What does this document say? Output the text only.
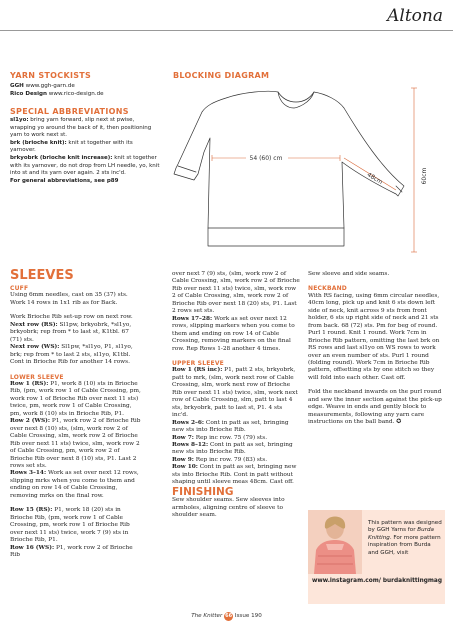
Altona
YARN STOCKISTS
GGH www.ggh-garn.de
Rico Design www.rico-design.de
SPECIAL ABBREVIATIONS

sl1yo: bring yarn forward, slip next st pwise, wrapping yo around the back of it, then positioning yarn to work next st.

brk (brioche knit): knit st together with its yarnover.

brkyobrk (brioche knit increase): knit st together with its yarnover, do not drop from LH needle, yo, knit into st and its yarn over again. 2 sts inc'd.

For general abbreviations, see p89

BLOCKING DIAGRAM
54 (60) cm
48cm	60cm
SLEEVES
CUFF

Using 6mm needles, cast on 35 (37) sts. Work 14 rows in 1x1 rib as for Back.

Work Brioche Rib set-up row on next row.

Next row (RS): Sl1pw, brkyobrk, *sl1yo, brkyobrk; rep from * to last st, K1tbl. 67 (71) sts.

Next row (WS): Sl1pw, *sl1yo, P1, sl1yo, brk; rep from * to last 2 sts, sl1yo, K1tbl. Cont in Brioche Rib for another 14 rows.

LOWER SLEEVE

Row 1 (RS): P1, work 8 (10) sts in Brioche Rib, (pm, work row 1 of Cable Crossing, pm, work row 1 of Brioche Rib over next 11 sts) twice, pm, work row 1 of Cable Crossing, pm, work 8 (10) sts in Brioche Rib, P1.

Row 2 (WS): P1, work row 2 of Brioche Rib over next 8 (10) sts, (slm, work row 2 of Cable Crossing, slm, work row 2 of Brioche Rib over next 11 sts) twice, slm, work row 2 of Cable Crossing, pm, work row 2 of Brioche Rib over next 8 (10) sts, P1. Last 2 rows set sts.

Rows 3–14: Work as set over next 12 rows, slipping mrks when you come to them and ending on row 14 of Cable Crossing, removing mrks on the final row.

Row 15 (RS): P1, work 18 (20) sts in Brioche Rib, (pm, work row 1 of Cable Crossing, pm, work row 1 of Brioche Rib over next 11 sts) twice, work 7 (9) sts in Brioche Rib, P1.

Row 16 (WS): P1, work row 2 of Brioche Rib

over next 7 (9) sts, (slm, work row 2 of Cable Crossing, slm, work row 2 of Brioche Rib over next 11 sts) twice, slm, work row 2 of Cable Crossing, slm, work row 2 of Brioche Rib over next 18 (20) sts, P1. Last 2 rows set sts.

Rows 17–28: Work as set over next 12 rows, slipping markers when you come to them and ending on row 14 of Cable Crossing, removing markers on the final row. Rep Rows 1-28 another 4 times.

UPPER SLEEVE

Row 1 (RS inc): P1, patt 2 sts, brkyobrk, patt to mrk, (slm, work next row of Cable Crossing, slm, work next row of Brioche Rib over next 11 sts) twice, slm, work next row of Cable Crossing, slm, patt to last 4 sts, brkyobrk, patt to last st, P1. 4 sts inc'd.

Rows 2–6: Cont in patt as set, bringing new sts into Brioche Rib.

Row 7: Rep inc row. 75 (79) sts.

Rows 8–12: Cont in patt as set, bringing new sts into Brioche Rib.

Row 9: Rep inc row. 79 (83) sts.

Row 10: Cont in patt as set, bringing new sts into Brioche Rib. Cont in patt without shaping until sleeve meas 48cm. Cast off.

FINISHING

Sew shoulder seams. Sew sleeves into armholes, aligning centre of sleeve to shoulder seam.

Sew sleeve and side seams.

NECKBAND

With RS facing, using 6mm circular needles, 40cm long, pick up and knit 6 sts down left side of neck, knit across 9 sts from front holder, 6 sts up right side of neck and 21 sts from back. 68 (72) sts. Pm for beg of round. Purl 1 round. Knit 1 round. Work 7cm in Brioche Rib pattern, omitting the last brk on RS rows and last sl1yo on WS rows to work over an even number of sts. Purl 1 round (folding round). Work 7cm in Brioche Rib pattern, offsetting sts by one stitch so they will fold into each other. Cast off.

Fold the neckband inwards on the purl round and sew the inner section against the pick-up edge. Weave in ends and gently block to measurements, following any yarn care instructions on the ball band. ✪

This pattern was designed by GGH Yarns for Burda Knitting. For more pattern inspiration from Burda and GGH, visit
www.instagram.com/ burdaknittingmag
The Knitter 66 Issue 190
